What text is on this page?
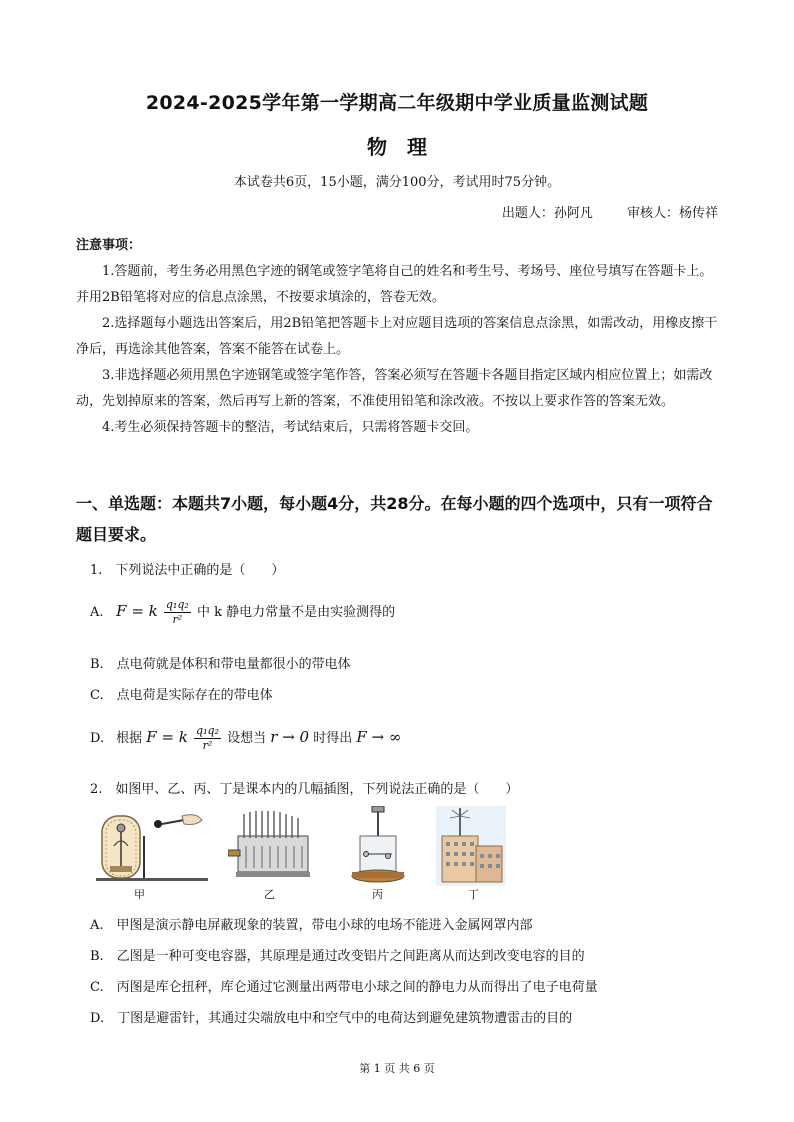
2024-2025学年第一学期高二年级期中学业质量监测试题
物　理
本试卷共6页，15小题，满分100分，考试用时75分钟。
出题人：孙阿凡	审核人：杨传祥
注意事项：

1.答题前，考生务必用黑色字迹的钢笔或签字笔将自己的姓名和考生号、考场号、座位号填写在答题卡上。并用2B铅笔将对应的信息点涂黑，不按要求填涂的，答卷无效。

2.选择题每小题选出答案后，用2B铅笔把答题卡上对应题目选项的答案信息点涂黑，如需改动，用橡皮擦干净后，再选涂其他答案，答案不能答在试卷上。

3.非选择题必须用黑色字迹钢笔或签字笔作答，答案必须写在答题卡各题目指定区域内相应位置上；如需改动，先划掉原来的答案，然后再写上新的答案，不准使用铅笔和涂改液。不按以上要求作答的答案无效。

4.考生必须保持答题卡的整洁，考试结束后，只需将答题卡交回。

一、单选题：本题共7小题，每小题4分，共28分。在每小题的四个选项中，只有一项符合题目要求。
1.　下列说法中正确的是（　　）
A. F = k $\frac{\text{q₁q₂}}{\text{r²}}$ 中 k 静电力常量不是由实验测得的
B.　点电荷就是体积和带电量都很小的带电体
C.　点电荷是实际存在的带电体
D. 根据 F = k $\frac{\text{q₁q₂}}{\text{r²}}$ 设想当 r → 0 时得出 F → ∞
2.　如图甲、乙、丙、丁是课本内的几幅插图，下列说法正确的是（　　）
甲	乙	丙	丁
A.　甲图是演示静电屏蔽现象的装置，带电小球的电场不能进入金属网罩内部
B.　乙图是一种可变电容器，其原理是通过改变铝片之间距离从而达到改变电容的目的
C.　丙图是库仑扭秤，库仑通过它测量出两带电小球之间的静电力从而得出了电子电荷量
D.　丁图是避雷针，其通过尖端放电中和空气中的电荷达到避免建筑物遭雷击的目的
第 1 页 共 6 页
